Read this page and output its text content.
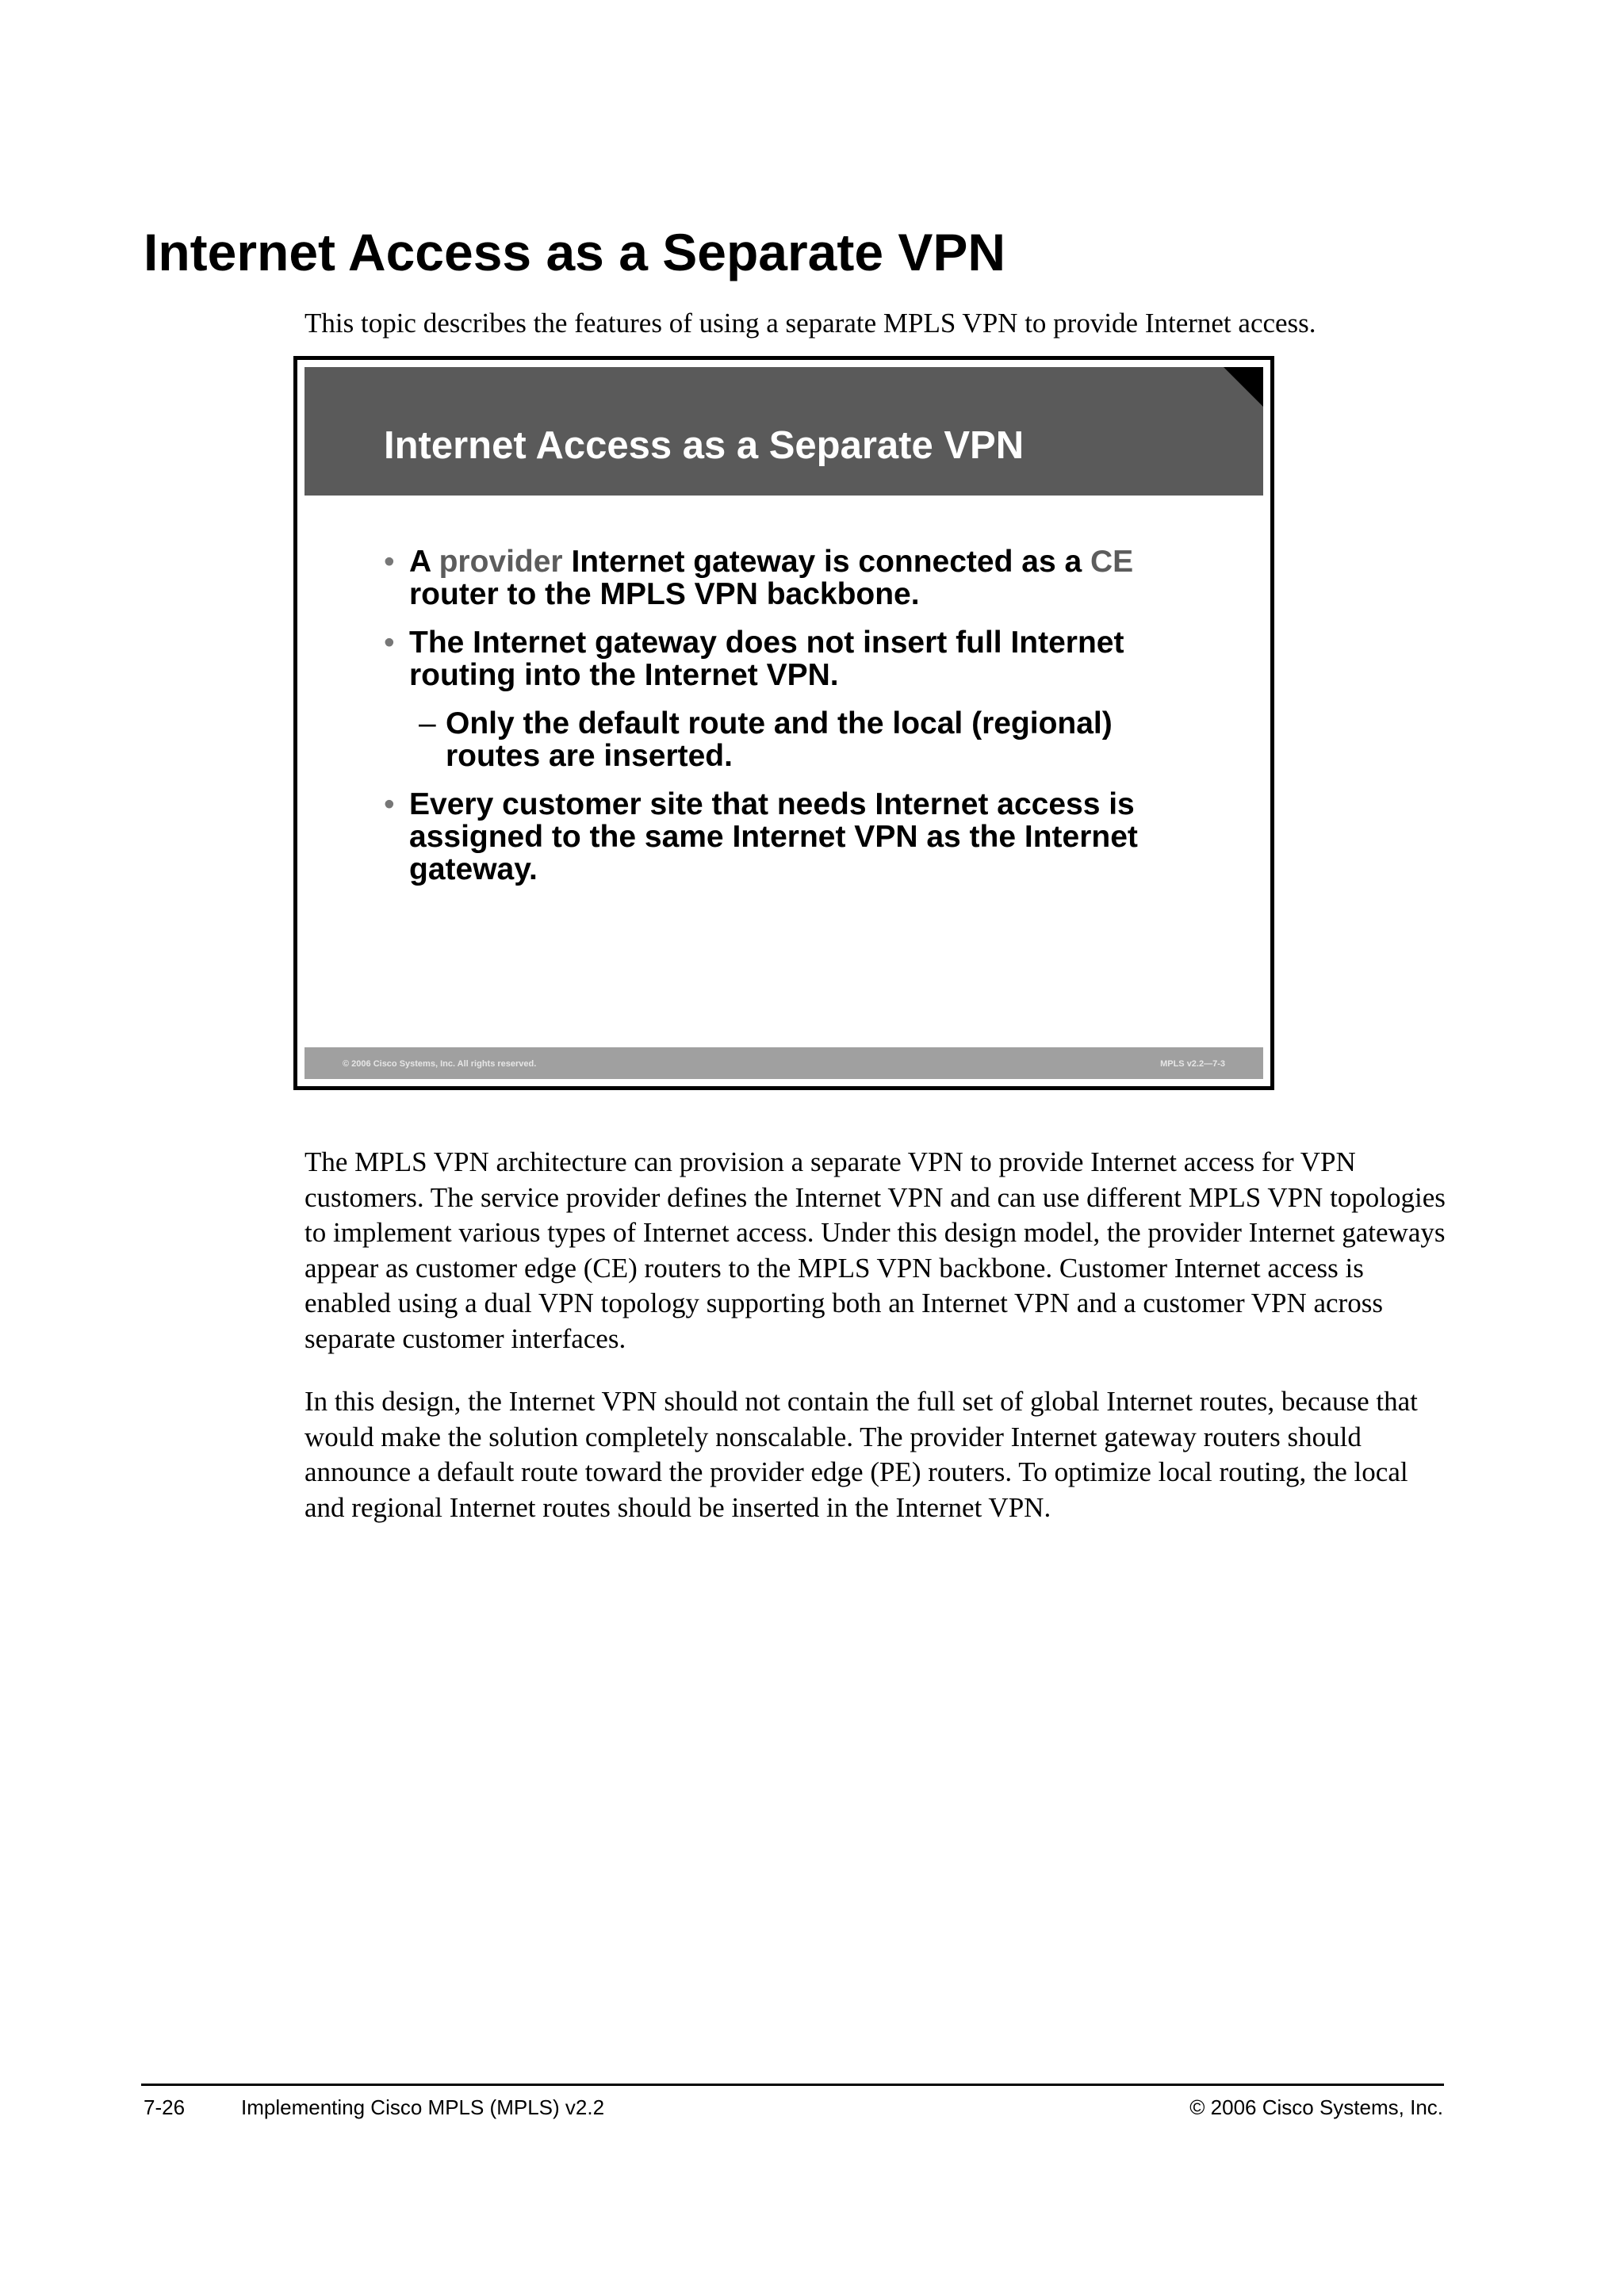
Internet Access as a Separate VPN

This topic describes the features of using a separate MPLS VPN to provide Internet access.

Internet Access as a Separate VPN
• A provider Internet gateway is connected as a CE router to the MPLS VPN backbone.
• The Internet gateway does not insert full Internet routing into the Internet VPN.
– Only the default route and the local (regional) routes are inserted.
• Every customer site that needs Internet access is assigned to the same Internet VPN as the Internet gateway.
© 2006 Cisco Systems, Inc. All rights reserved.	MPLS v2.2—7-3

The MPLS VPN architecture can provision a separate VPN to provide Internet access for VPN customers. The service provider defines the Internet VPN and can use different MPLS VPN topologies to implement various types of Internet access. Under this design model, the provider Internet gateways appear as customer edge (CE) routers to the MPLS VPN backbone. Customer Internet access is enabled using a dual VPN topology supporting both an Internet VPN and a customer VPN across separate customer interfaces.

In this design, the Internet VPN should not contain the full set of global Internet routes, because that would make the solution completely nonscalable. The provider Internet gateway routers should announce a default route toward the provider edge (PE) routers. To optimize local routing, the local and regional Internet routes should be inserted in the Internet VPN.

7-26	Implementing Cisco MPLS (MPLS) v2.2	© 2006 Cisco Systems, Inc.
